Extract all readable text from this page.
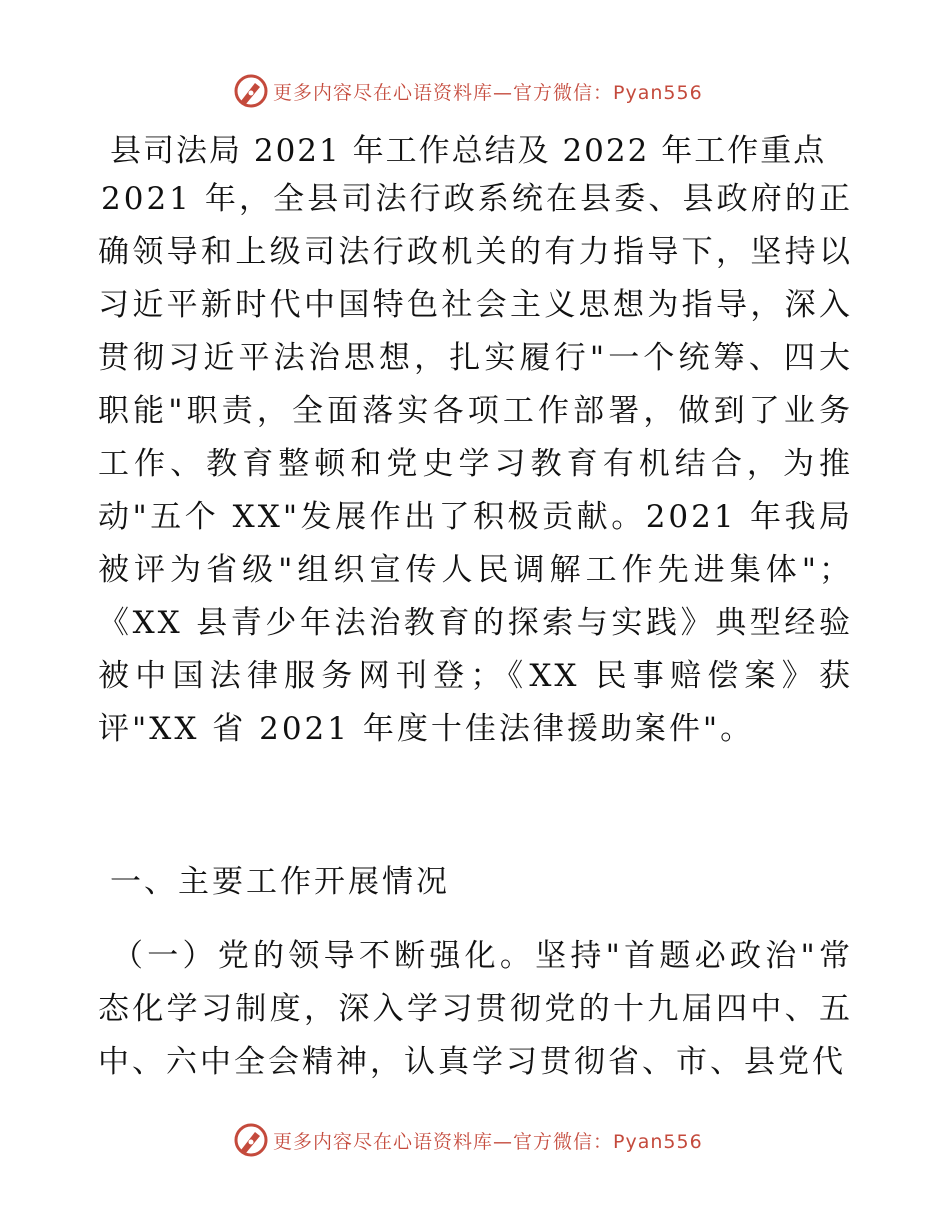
更多内容尽在心语资料库—官方微信：Pyan556
县司法局 2021 年工作总结及 2022 年工作重点
2021 年，全县司法行政系统在县委、县政府的正确领导和上级司法行政机关的有力指导下，坚持以习近平新时代中国特色社会主义思想为指导，深入贯彻习近平法治思想，扎实履行"一个统筹、四大职能"职责，全面落实各项工作部署，做到了业务工作、教育整顿和党史学习教育有机结合，为推动"五个 XX"发展作出了积极贡献。2021 年我局被评为省级"组织宣传人民调解工作先进集体"；《XX 县青少年法治教育的探索与实践》典型经验被中国法律服务网刊登；《XX 民事赔偿案》获评"XX 省 2021 年度十佳法律援助案件"。
一、主要工作开展情况
（一）党的领导不断强化。坚持"首题必政治"常态化学习制度，深入学习贯彻党的十九届四中、五中、六中全会精神，认真学习贯彻省、市、县党代
更多内容尽在心语资料库—官方微信：Pyan556
